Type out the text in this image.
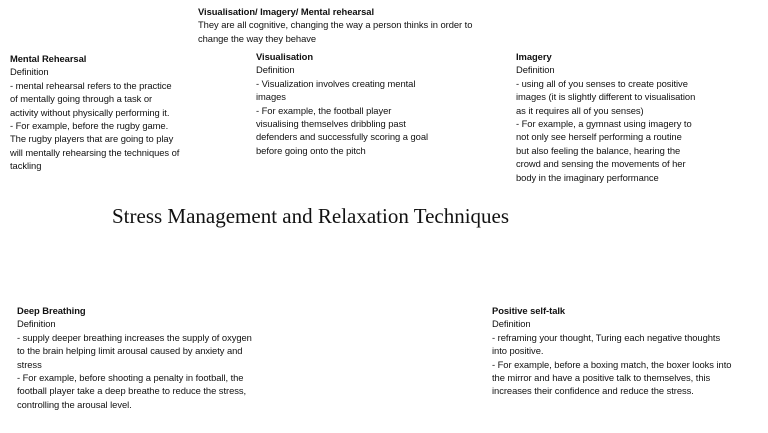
Visualisation/ Imagery/ Mental rehearsal
They are all cognitive, changing the way a person thinks in order to
change the way they behave
Mental Rehearsal
Definition
- mental rehearsal refers to the practice
of mentally going through a task or
activity without physically performing it.
- For example, before the rugby game.
The rugby players that are going to play
will mentally rehearsing the techniques of
tackling
Visualisation
Definition
- Visualization involves creating mental
images
- For example, the football player
visualising themselves dribbling past
defenders and successfully scoring a goal
before going onto the pitch
Imagery
Definition
- using all of you senses to create positive
images (it is slightly different to visualisation
as it requires all of you senses)
- For example, a gymnast using imagery to
not only see herself performing a routine
but also feeling the balance, hearing the
crowd and sensing the movements of her
body in the imaginary performance
Stress Management and Relaxation Techniques
Deep Breathing
Definition
- supply deeper breathing increases the supply of oxygen
to the brain helping limit arousal caused by anxiety and
stress
- For example, before shooting a penalty in football, the
football player take a deep breathe to reduce the stress,
controlling the arousal level.
Positive self-talk
Definition
- reframing your thought, Turing each negative thoughts
into positive.
- For example, before a boxing match, the boxer looks into
the mirror and have a positive talk to themselves, this
increases their confidence and reduce the stress.
